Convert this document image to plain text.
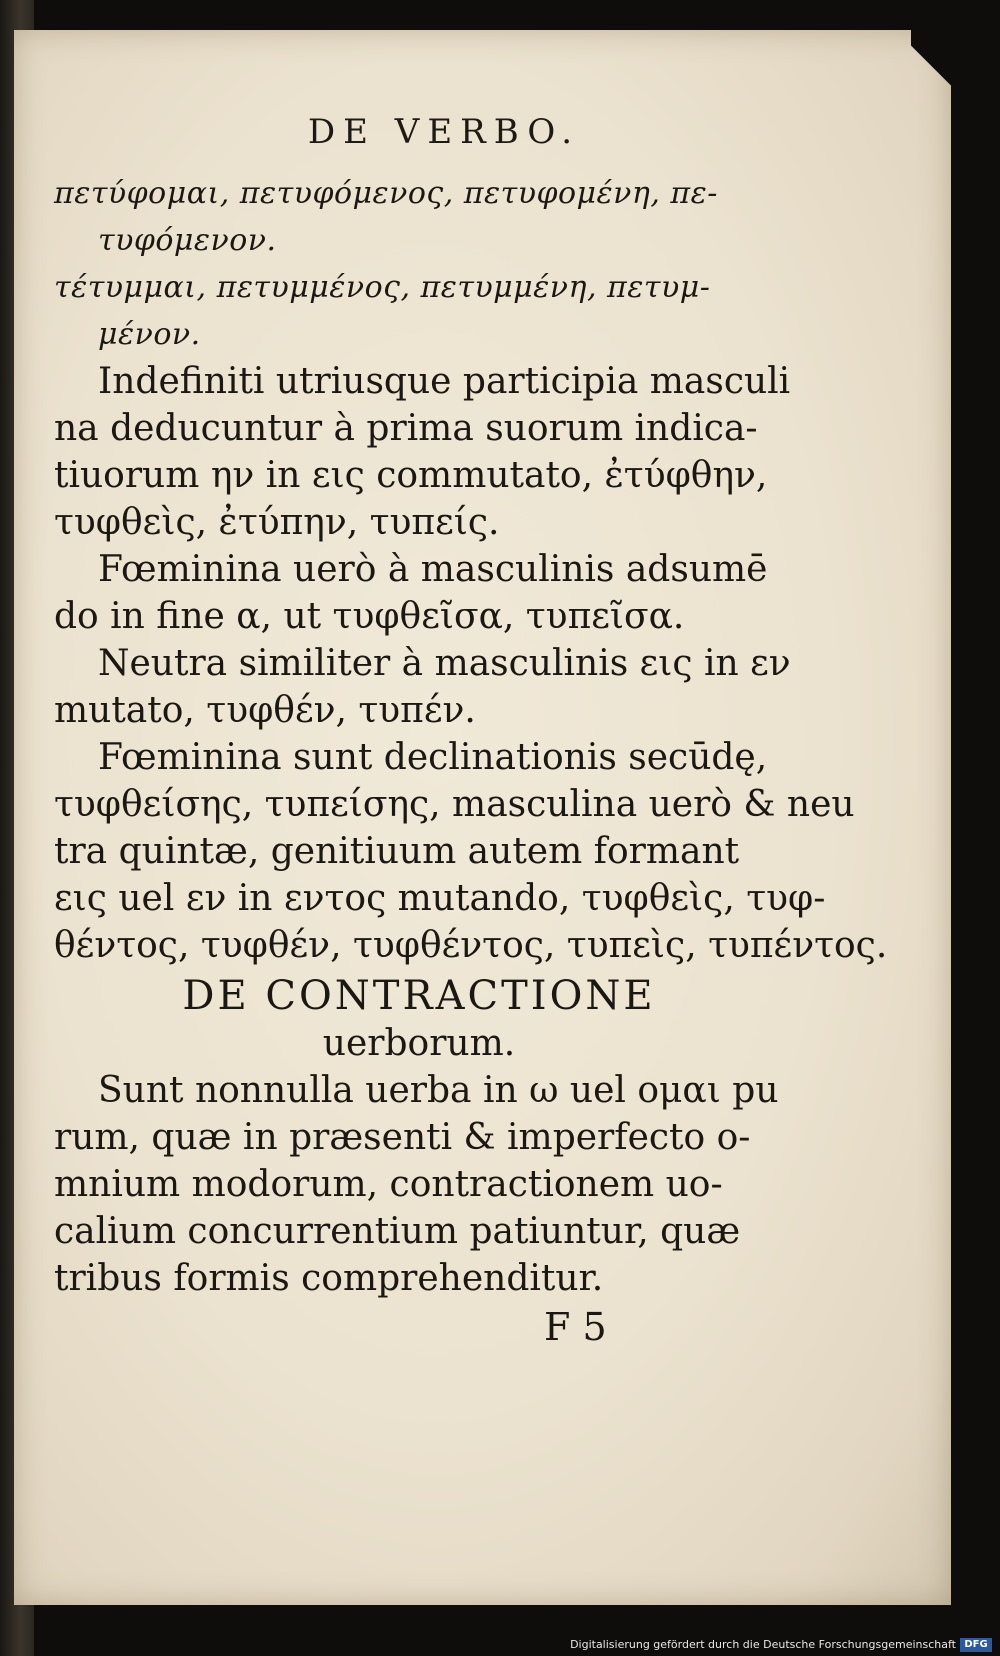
DE VERBO.
πετύφομαι, πετυφόμενος, πετυφομένη, πε-
τυφόμενον.
τέτυμμαι, πετυμμένος, πετυμμένη, πετυμ-
μένον.
Indefiniti utriusque participia masculi
na deducuntur à prima suorum indica-
tiuorum ην in εις commutato, ἐτύφθην,
τυφθεὶς, ἐτύπην, τυπείς.
Fœminina uerò à masculinis adsumē
do in fine α, ut τυφθεῖσα, τυπεῖσα.
Neutra similiter à masculinis εις in εν
mutato, τυφθέν, τυπέν.
Fœminina sunt declinationis secūdę,
τυφθείσης, τυπείσης, masculina uerò & neu
tra quintæ, genitiuum autem formant
εις uel εν in εντος mutando, τυφθεὶς, τυφ-
θέντος, τυφθέν, τυφθέντος, τυπεὶς, τυπέντος.
DE CONTRACTIONE
uerborum.
Sunt nonnulla uerba in ω uel ομαι pu
rum, quæ in præsenti & imperfecto o-
mnium modorum, contractionem uo-
calium concurrentium patiuntur, quæ
tribus formis comprehenditur.
F 5
Digitalisierung gefördert durch die Deutsche Forschungsgemeinschaft DFG
